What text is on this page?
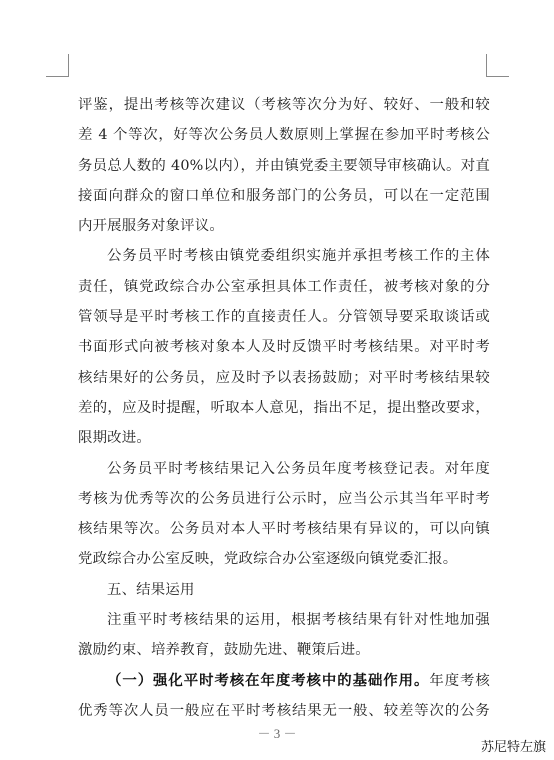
评鉴，提出考核等次建议（考核等次分为好、较好、一般和较
差 4 个等次，好等次公务员人数原则上掌握在参加平时考核公
务员总人数的 40%以内），并由镇党委主要领导审核确认。对直
接面向群众的窗口单位和服务部门的公务员，可以在一定范围
内开展服务对象评议。
公务员平时考核由镇党委组织实施并承担考核工作的主体
责任，镇党政综合办公室承担具体工作责任，被考核对象的分
管领导是平时考核工作的直接责任人。分管领导要采取谈话或
书面形式向被考核对象本人及时反馈平时考核结果。对平时考
核结果好的公务员，应及时予以表扬鼓励；对平时考核结果较
差的，应及时提醒，听取本人意见，指出不足，提出整改要求，
限期改进。
公务员平时考核结果记入公务员年度考核登记表。对年度
考核为优秀等次的公务员进行公示时，应当公示其当年平时考
核结果等次。公务员对本人平时考核结果有异议的，可以向镇
党政综合办公室反映，党政综合办公室逐级向镇党委汇报。
五、结果运用
注重平时考核结果的运用，根据考核结果有针对性地加强
激励约束、培养教育，鼓励先进、鞭策后进。
（一）强化平时考核在年度考核中的基础作用。年度考核
优秀等次人员一般应在平时考核结果无一般、较差等次的公务
－ 3 －
苏尼特左旗
